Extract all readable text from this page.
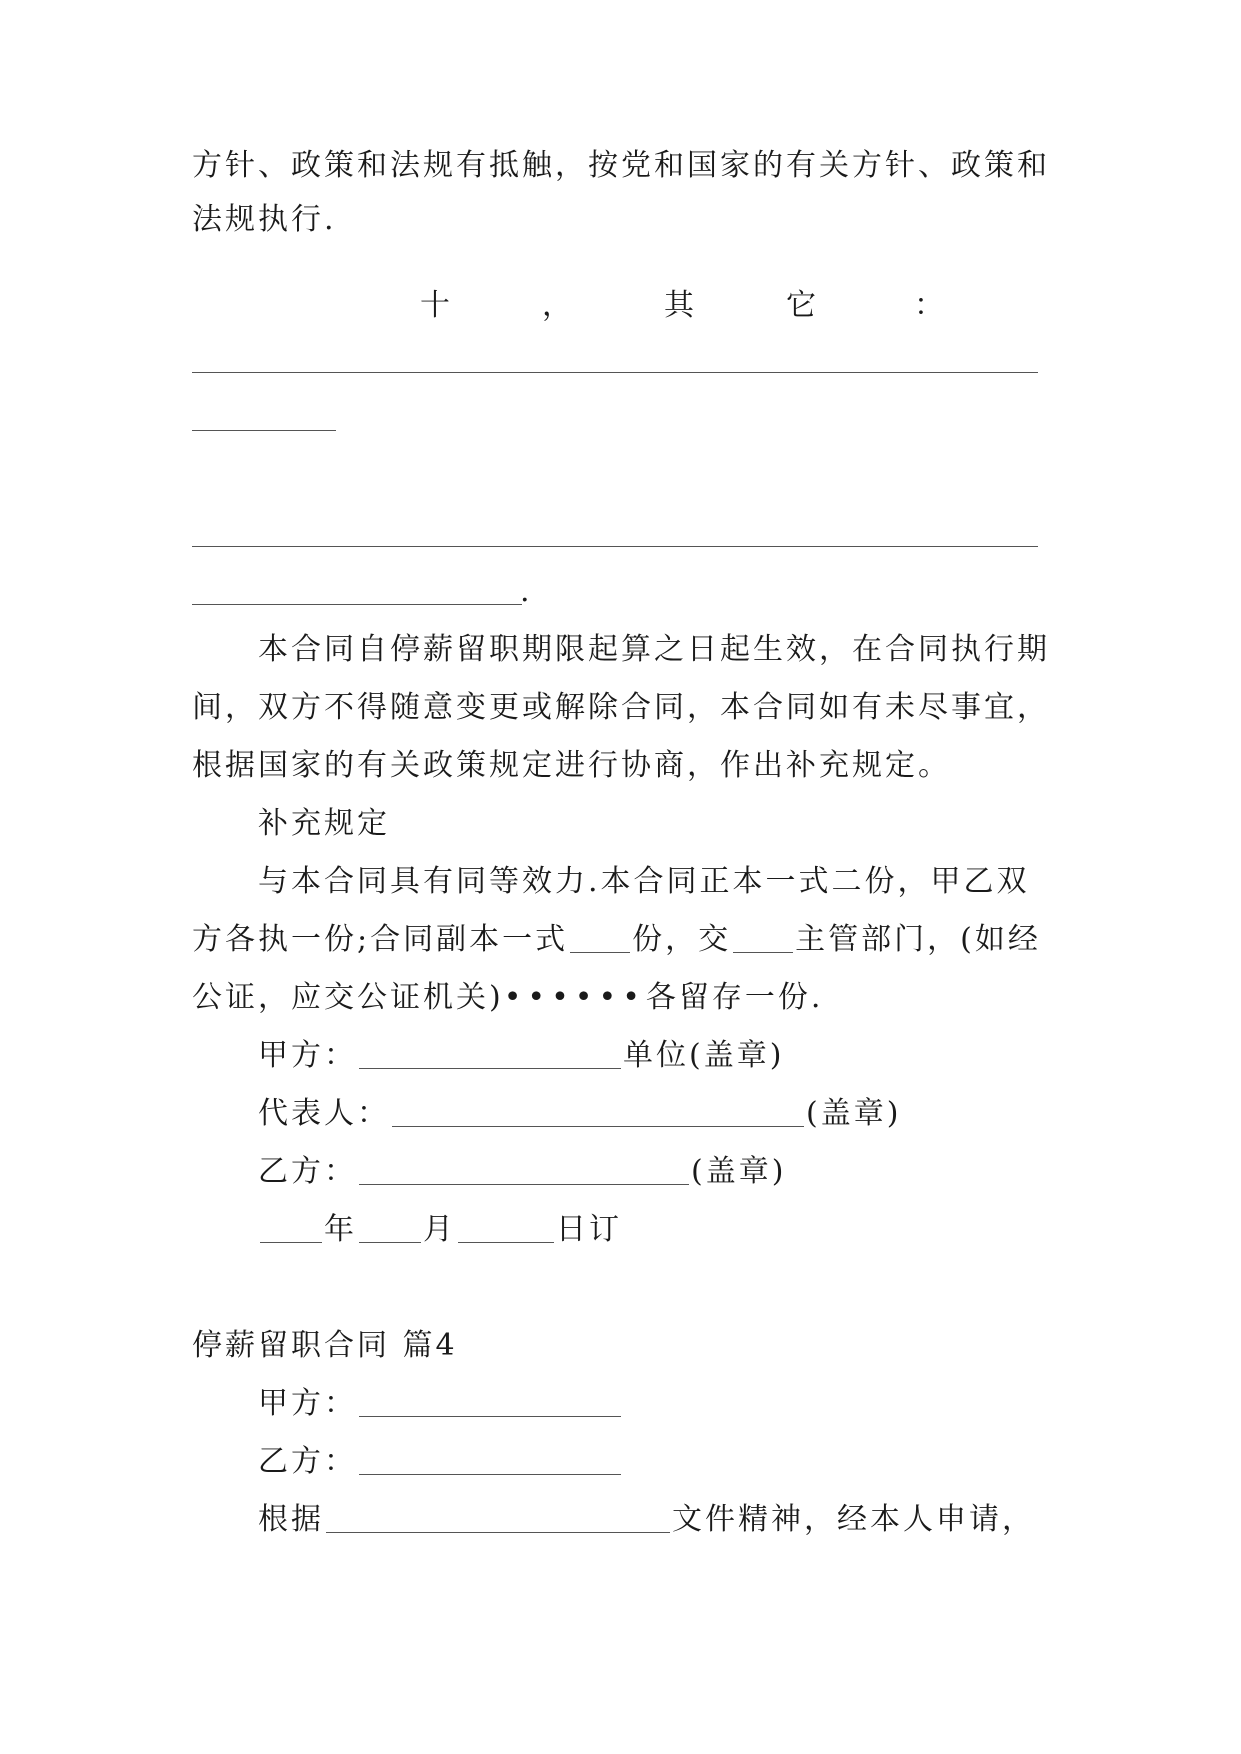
方针、政策和法规有抵触，按党和国家的有关方针、政策和
法规执行.
十	，	其	它	：
.
本合同自停薪留职期限起算之日起生效，在合同执行期
间，双方不得随意变更或解除合同，本合同如有未尽事宜，
根据国家的有关政策规定进行协商，作出补充规定。
补充规定
与本合同具有同等效力.本合同正本一式二份，甲乙双
方各执一份;合同副本一式 份，交 主管部门，(如经
公证，应交公证机关)••••••各留存一份.
甲方：	单位(盖章)
代表人：	(盖章)
乙方：	(盖章)
年 月	日订
停薪留职合同 篇4
甲方：
乙方：
根据	文件精神，经本人申请，
